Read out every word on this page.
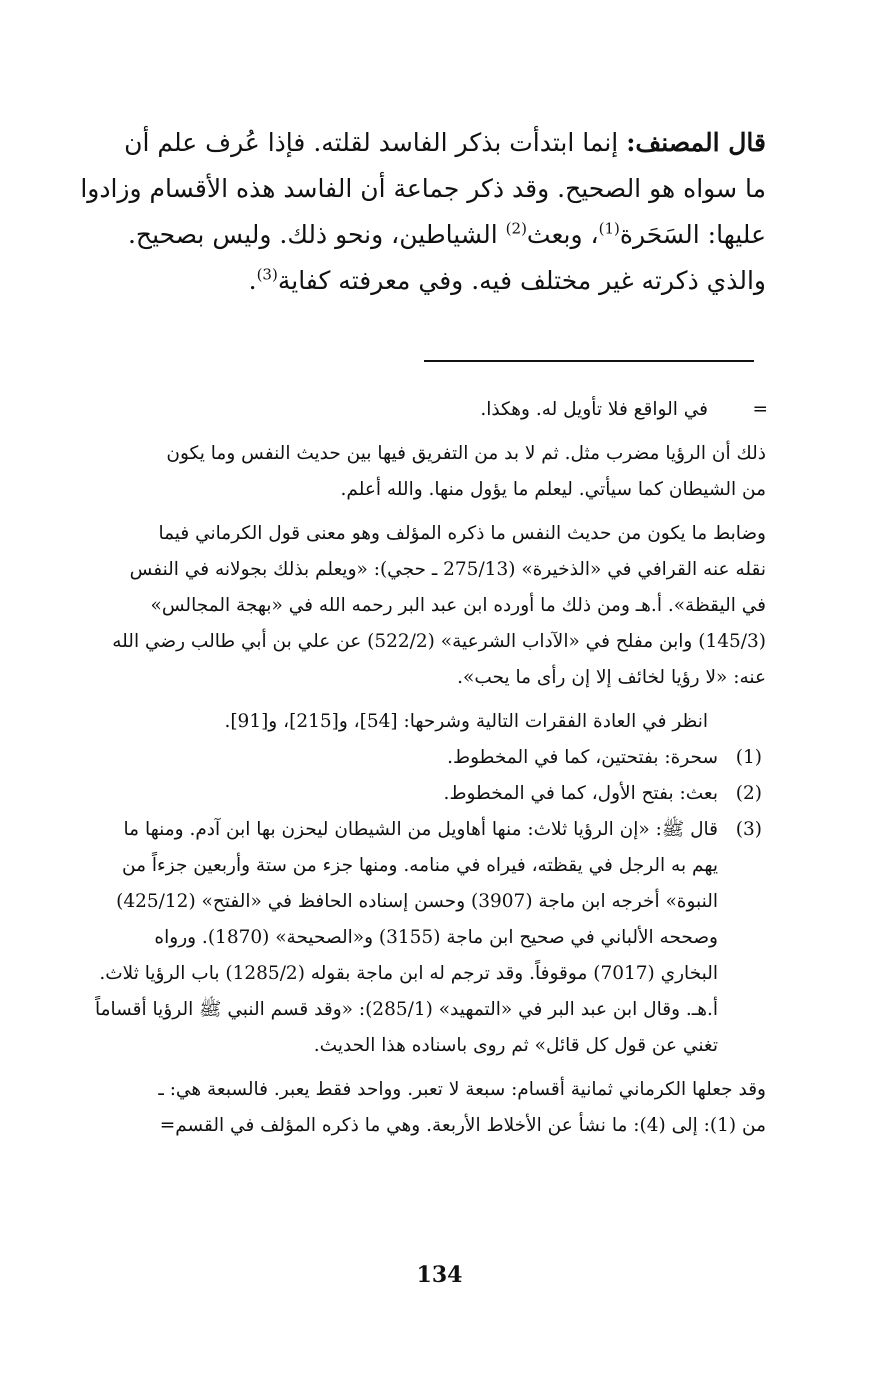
قال المصنف: إنما ابتدأت بذكر الفاسد لقلته. فإذا عُرف علم أن
ما سواه هو الصحيح. وقد ذكر جماعة أن الفاسد هذه الأقسام وزادوا
عليها: السَحَرة$^{(1)}$، وبعث$^{(2)}$ الشياطين، ونحو ذلك. وليس بصحيح.
والذي ذكرته غير مختلف فيه. وفي معرفته كفاية$^{(3)}$.
=
في الواقع فلا تأويل له. وهكذا.
ذلك أن الرؤيا مضرب مثل. ثم لا بد من التفريق فيها بين حديث النفس وما يكون
من الشيطان كما سيأتي. ليعلم ما يؤول منها. والله أعلم.
وضابط ما يكون من حديث النفس ما ذكره المؤلف وهو معنى قول الكرماني فيما
نقله عنه القرافي في «الذخيرة» (275/13 ـ حجي): «ويعلم بذلك بجولانه في النفس
في اليقظة». أ.هـ ومن ذلك ما أورده ابن عبد البر رحمه الله في «بهجة المجالس»
(145/3) وابن مفلح في «الآداب الشرعية» (522/2) عن علي بن أبي طالب رضي الله
عنه: «لا رؤيا لخائف إلا إن رأى ما يحب».
انظر في العادة الفقرات التالية وشرحها: [54]، و[215]، و[91].
(1)
سحرة: بفتحتين، كما في المخطوط.
(2)
بعث: بفتح الأول، كما في المخطوط.
(3)
قال ﷺ: «إن الرؤيا ثلاث: منها أهاويل من الشيطان ليحزن بها ابن آدم. ومنها ما
يهم به الرجل في يقظته، فيراه في منامه. ومنها جزء من ستة وأربعين جزءاً من
النبوة» أخرجه ابن ماجة (3907) وحسن إسناده الحافظ في «الفتح» (425/12)
وصححه الألباني في صحيح ابن ماجة (3155) و«الصحيحة» (1870). ورواه
البخاري (7017) موقوفاً. وقد ترجم له ابن ماجة بقوله (1285/2) باب الرؤيا ثلاث.
أ.هـ. وقال ابن عبد البر في «التمهيد» (285/1): «وقد قسم النبي ﷺ الرؤيا أقساماً
تغني عن قول كل قائل» ثم روى باسناده هذا الحديث.
وقد جعلها الكرماني ثمانية أقسام: سبعة لا تعبر. وواحد فقط يعبر. فالسبعة هي: ـ
من (1): إلى (4): ما نشأ عن الأخلاط الأربعة. وهي ما ذكره المؤلف في القسم=
134
